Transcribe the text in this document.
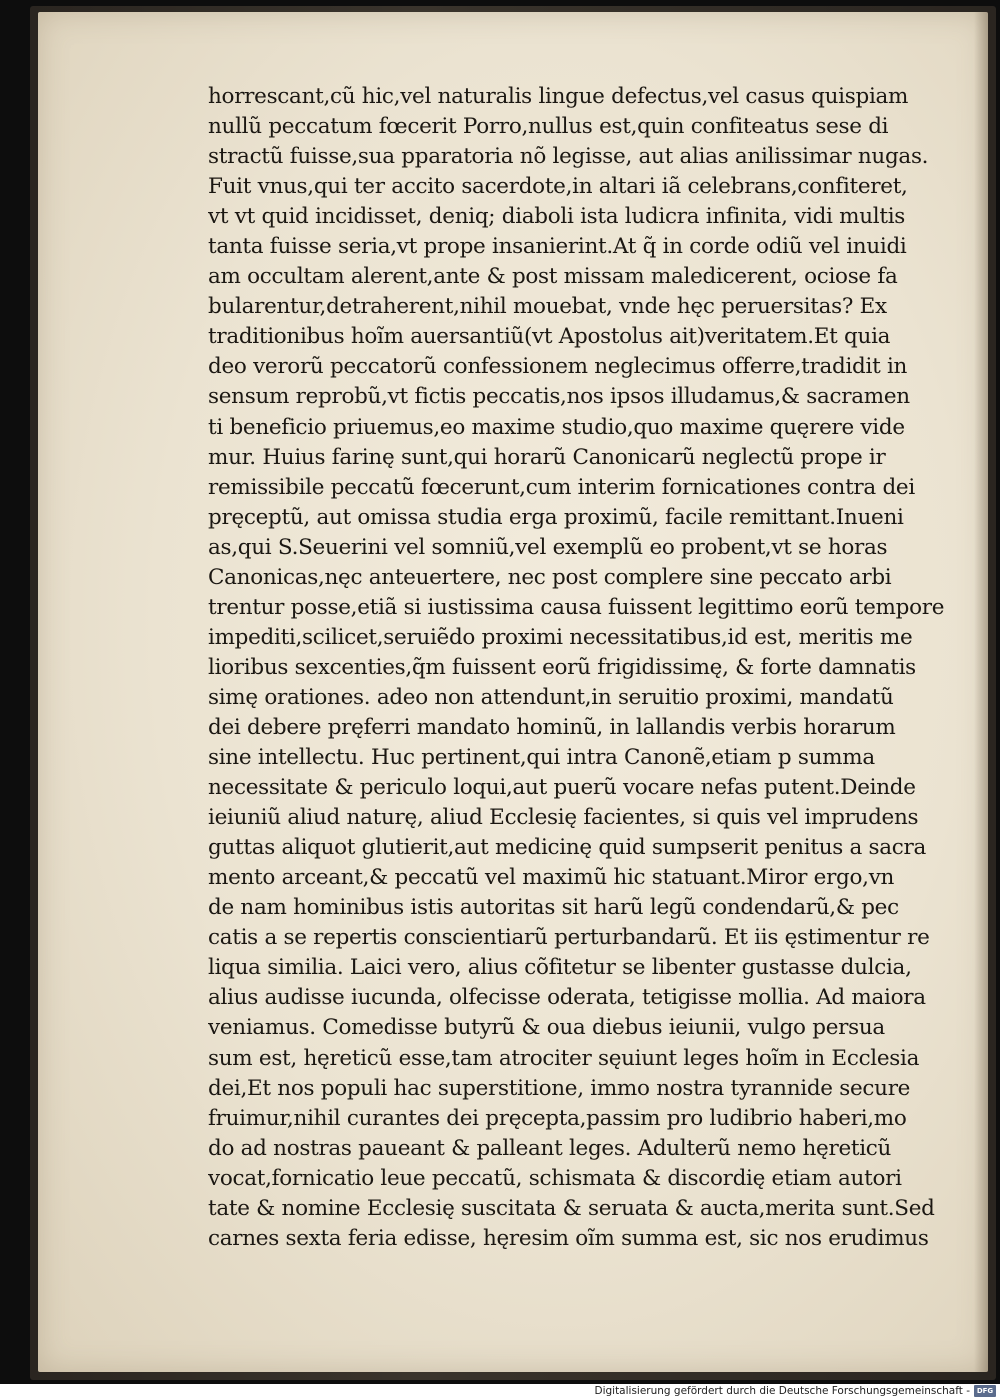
horrescant,cũ hic,vel naturalis lingue defectus,vel casus quispiam
nullũ peccatum fœcerit Porro,nullus est,quin confiteatus sese di
stractũ fuisse,sua pparatoria nõ legisse, aut alias anilissimar nugas.
Fuit vnus,qui ter accito sacerdote,in altari iã celebrans,confiteret,
vt vt quid incidisset, deniq; diaboli ista ludicra infinita, vidi multis
tanta fuisse seria,vt prope insanierint.At q̃ in corde odiũ vel inuidi
am occultam alerent,ante & post missam maledicerent, ociose fa
bularentur,detraherent,nihil mouebat, vnde hęc peruersitas? Ex
traditionibus hoĩm auersantiũ(vt Apostolus ait)veritatem.Et quia
deo verorũ peccatorũ confessionem neglecimus offerre,tradidit in
sensum reprobũ,vt fictis peccatis,nos ipsos illudamus,& sacramen
ti beneficio priuemus,eo maxime studio,quo maxime quęrere vide
mur. Huius farinę sunt,qui horarũ Canonicarũ neglectũ prope ir
remissibile peccatũ fœcerunt,cum interim fornicationes contra dei
pręceptũ, aut omissa studia erga proximũ, facile remittant.Inueni
as,qui S.Seuerini vel somniũ,vel exemplũ eo probent,vt se horas
Canonicas,nęc anteuertere, nec post complere sine peccato arbi
trentur posse,etiã si iustissima causa fuissent legittimo eorũ tempore
impediti,scilicet,seruiẽdo proximi necessitatibus,id est, meritis me
lioribus sexcenties,q̃m fuissent eorũ frigidissimę, & forte damnatis
simę orationes. adeo non attendunt,in seruitio proximi, mandatũ
dei debere pręferri mandato hominũ, in lallandis verbis horarum
sine intellectu. Huc pertinent,qui intra Canonẽ,etiam p summa
necessitate & periculo loqui,aut puerũ vocare nefas putent.Deinde
ieiuniũ aliud naturę, aliud Ecclesię facientes, si quis vel imprudens
guttas aliquot glutierit,aut medicinę quid sumpserit penitus a sacra
mento arceant,& peccatũ vel maximũ hic statuant.Miror ergo,vn
de nam hominibus istis autoritas sit harũ legũ condendarũ,& pec
catis a se repertis conscientiarũ perturbandarũ. Et iis ęstimentur re
liqua similia. Laici vero, alius cõfitetur se libenter gustasse dulcia,
alius audisse iucunda, olfecisse oderata, tetigisse mollia. Ad maiora
veniamus. Comedisse butyrũ & oua diebus ieiunii, vulgo persua
sum est, hęreticũ esse,tam atrociter sęuiunt leges hoĩm in Ecclesia
dei,Et nos populi hac superstitione, immo nostra tyrannide secure
fruimur,nihil curantes dei pręcepta,passim pro ludibrio haberi,mo
do ad nostras paueant & palleant leges. Adulterũ nemo hęreticũ
vocat,fornicatio leue peccatũ, schismata & discordię etiam autori
tate & nomine Ecclesię suscitata & seruata & aucta,merita sunt.Sed
carnes sexta feria edisse, hęresim oĩm summa est, sic nos erudimus
Digitalisierung gefördert durch die Deutsche Forschungsgemeinschaft - DFG
